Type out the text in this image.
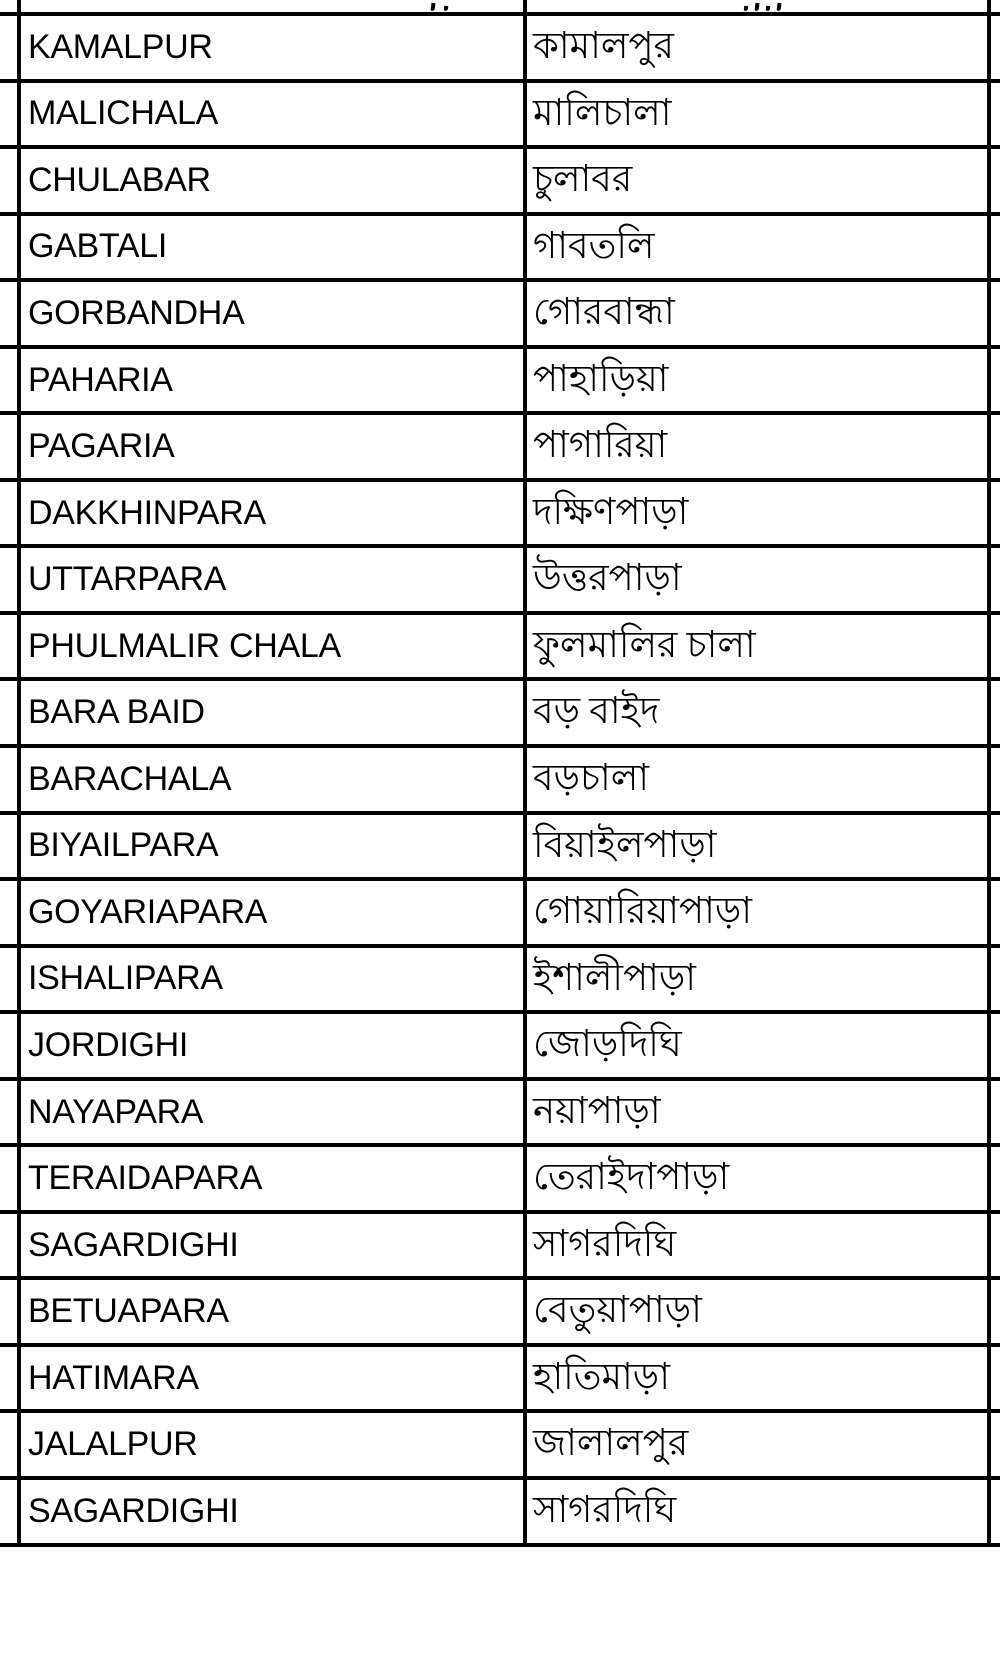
KAMALPUR	কামালপুর
MALICHALA	মালিচালা
CHULABAR	চুলাবর
GABTALI	গাবতলি
GORBANDHA	গোরবান্ধা
PAHARIA	পাহাড়িয়া
PAGARIA	পাগারিয়া
DAKKHINPARA	দক্ষিণপাড়া
UTTARPARA	উত্তরপাড়া
PHULMALIR CHALA	ফুলমালির চালা
BARA BAID	বড় বাইদ
BARACHALA	বড়চালা
BIYAILPARA	বিয়াইলপাড়া
GOYARIAPARA	গোয়ারিয়াপাড়া
ISHALIPARA	ইশালীপাড়া
JORDIGHI	জোড়দিঘি
NAYAPARA	নয়াপাড়া
TERAIDAPARA	তেরাইদাপাড়া
SAGARDIGHI	সাগরদিঘি
BETUAPARA	বেতুয়াপাড়া
HATIMARA	হাতিমাড়া
JALALPUR	জালালপুর
SAGARDIGHI	সাগরদিঘি
